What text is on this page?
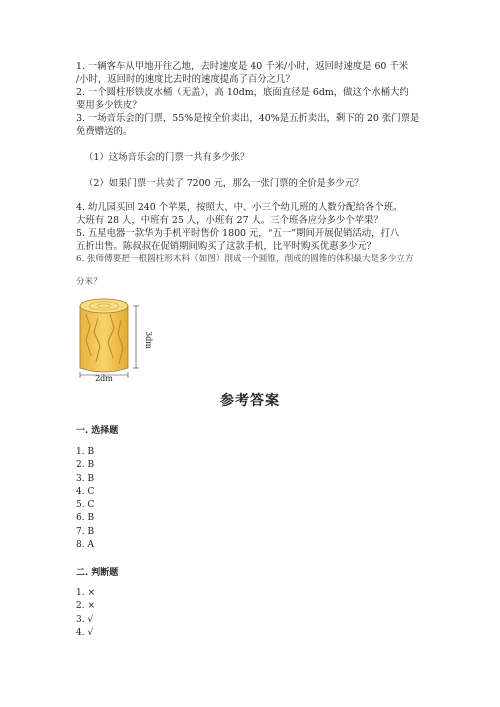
1. 一辆客车从甲地开往乙地，去时速度是 40 千米/小时，返回时速度是 60 千米
/小时，返回时的速度比去时的速度提高了百分之几？
2. 一个圆柱形铁皮水桶（无盖），高 10dm，底面直径是 6dm，做这个水桶大约
要用多少铁皮？
3. 一场音乐会的门票，55%是按全价卖出，40%是五折卖出，剩下的 20 张门票是
免费赠送的。
（1）这场音乐会的门票一共有多少张？
（2）如果门票一共卖了 7200 元，那么一张门票的全价是多少元？
4. 幼儿园买回 240 个苹果，按照大、中、小三个幼儿班的人数分配给各个班。
大班有 28 人，中班有 25 人，小班有 27 人。三个班各应分多少个苹果？
5. 五星电器一款华为手机平时售价 1800 元，“五一”期间开展促销活动，打八
五折出售。陈叔叔在促销期间购买了这款手机，比平时购买优惠多少元？
6. 张师傅要把一根圆柱形木料（如图）削成一个圆锥，削成的圆锥的体积最大是多少立方
分米？
3dm
2dm
参考答案
一. 选择题
1. B
2. B
3. B
4. C
5. C
6. B
7. B
8. A
二. 判断题
1. ×
2. ×
3. √
4. √
